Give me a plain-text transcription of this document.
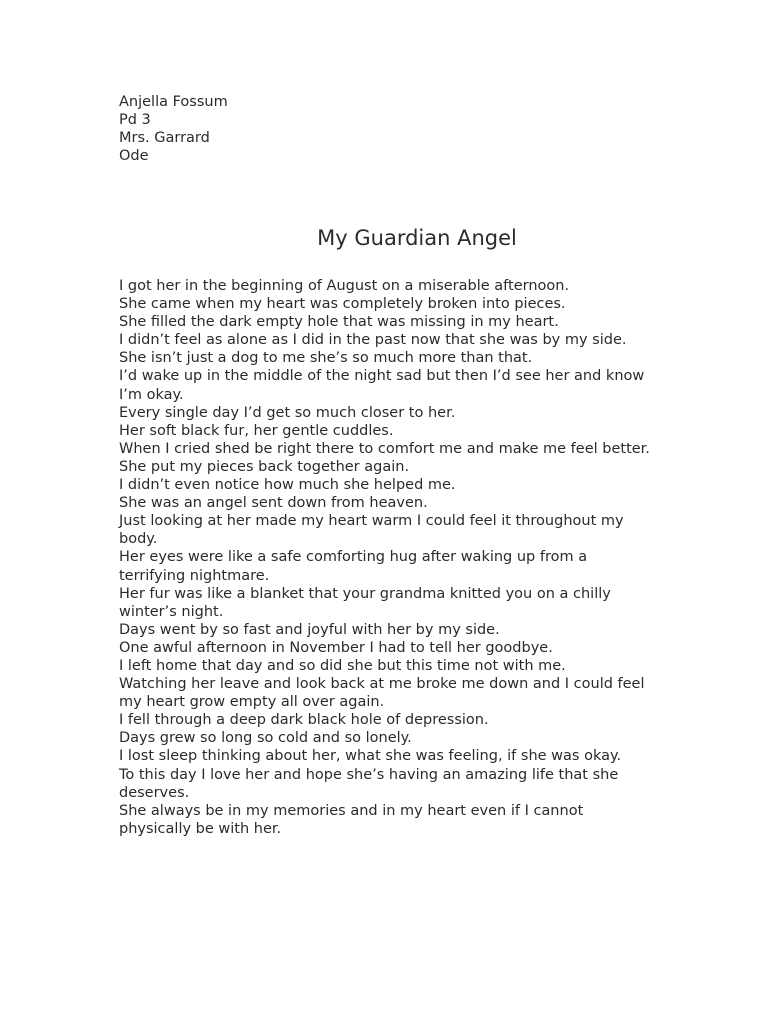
Anjella Fossum
Pd 3
Mrs. Garrard
Ode
My Guardian Angel
I got her in the beginning of August on a miserable afternoon.
She came when my heart was completely broken into pieces.
She filled the dark empty hole that was missing in my heart.
I didn’t feel as alone as I did in the past now that she was by my side.
She isn’t just a dog to me she’s so much more than that.
I’d wake up in the middle of the night sad but then I’d see her and know
I’m okay.
Every single day I’d get so much closer to her.
Her soft black fur, her gentle cuddles.
When I cried shed be right there to comfort me and make me feel better.
She put my pieces back together again.
I didn’t even notice how much she helped me.
She was an angel sent down from heaven.
Just looking at her made my heart warm I could feel it throughout my
body.
Her eyes were like a safe comforting hug after waking up from a
terrifying nightmare.
Her fur was like a blanket that your grandma knitted you on a chilly
winter’s night.
Days went by so fast and joyful with her by my side.
One awful afternoon in November I had to tell her goodbye.
I left home that day and so did she but this time not with me.
Watching her leave and look back at me broke me down and I could feel
my heart grow empty all over again.
I fell through a deep dark black hole of depression.
Days grew so long so cold and so lonely.
I lost sleep thinking about her, what she was feeling, if she was okay.
To this day I love her and hope she’s having an amazing life that she
deserves.
She always be in my memories and in my heart even if I cannot
physically be with her.
